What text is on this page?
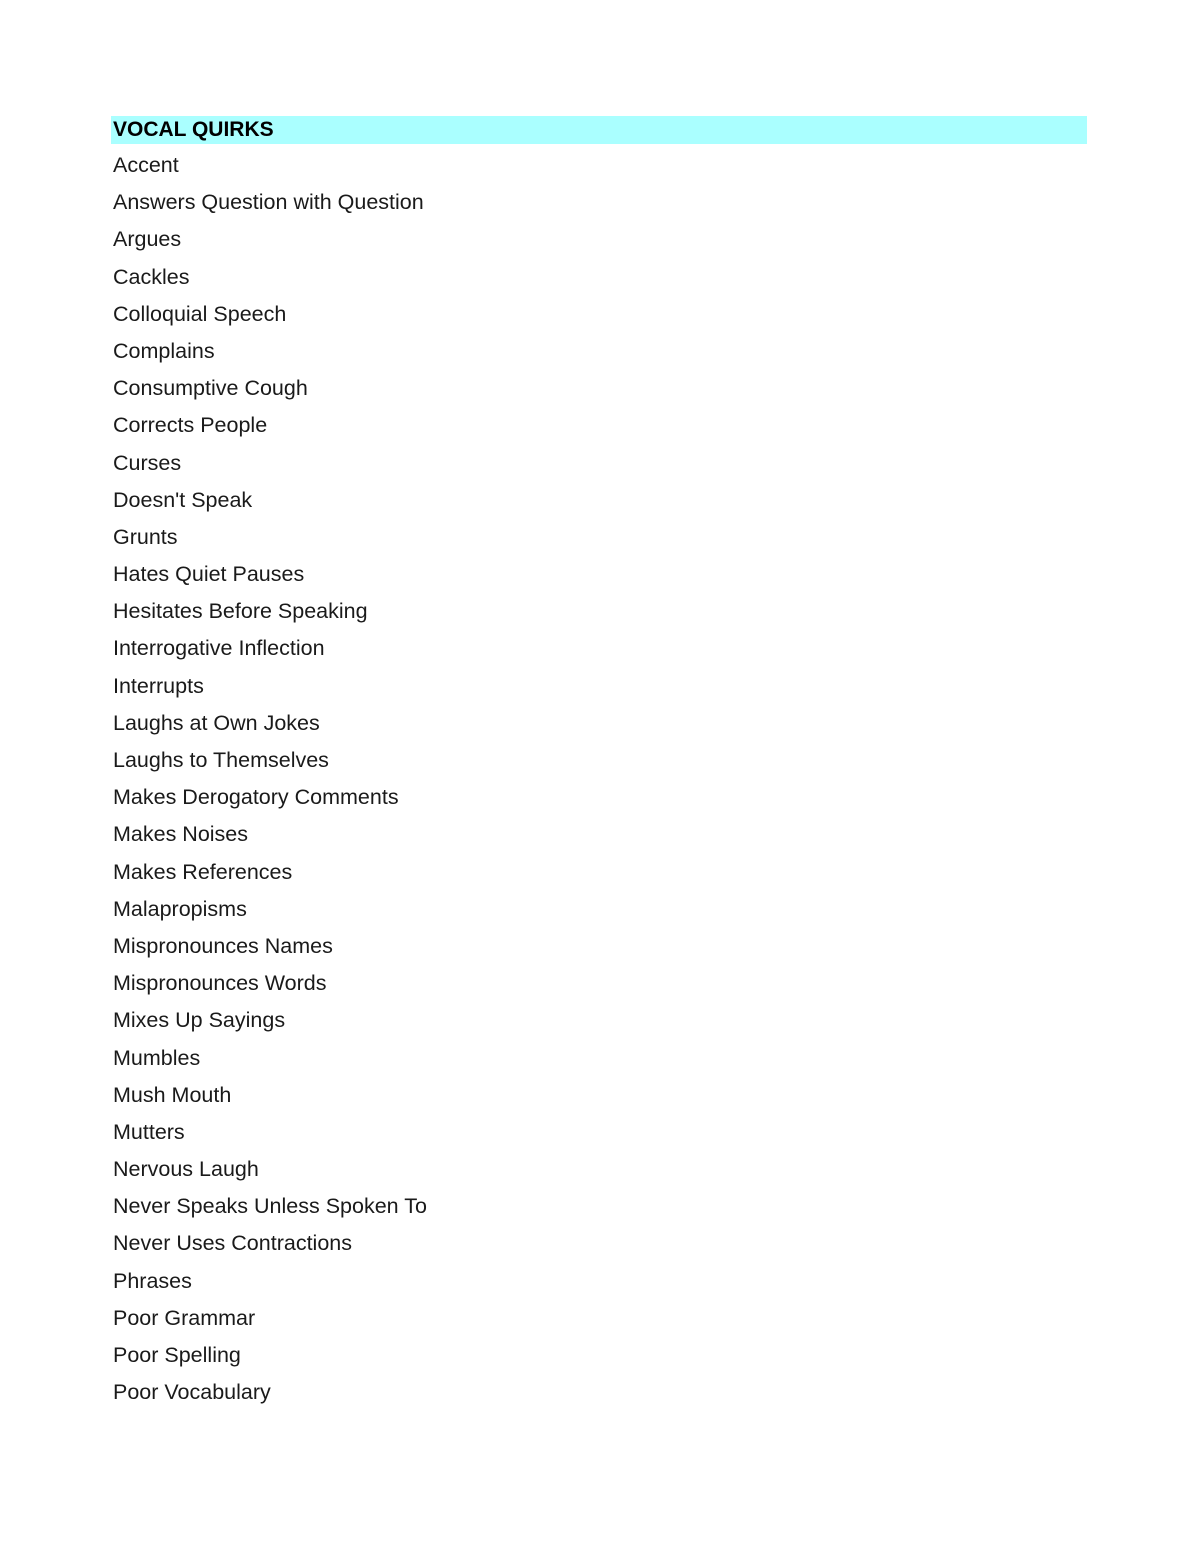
VOCAL QUIRKS
Accent
Answers Question with Question
Argues
Cackles
Colloquial Speech
Complains
Consumptive Cough
Corrects People
Curses
Doesn't Speak
Grunts
Hates Quiet Pauses
Hesitates Before Speaking
Interrogative Inflection
Interrupts
Laughs at Own Jokes
Laughs to Themselves
Makes Derogatory Comments
Makes Noises
Makes References
Malapropisms
Mispronounces Names
Mispronounces Words
Mixes Up Sayings
Mumbles
Mush Mouth
Mutters
Nervous Laugh
Never Speaks Unless Spoken To
Never Uses Contractions
Phrases
Poor Grammar
Poor Spelling
Poor Vocabulary
